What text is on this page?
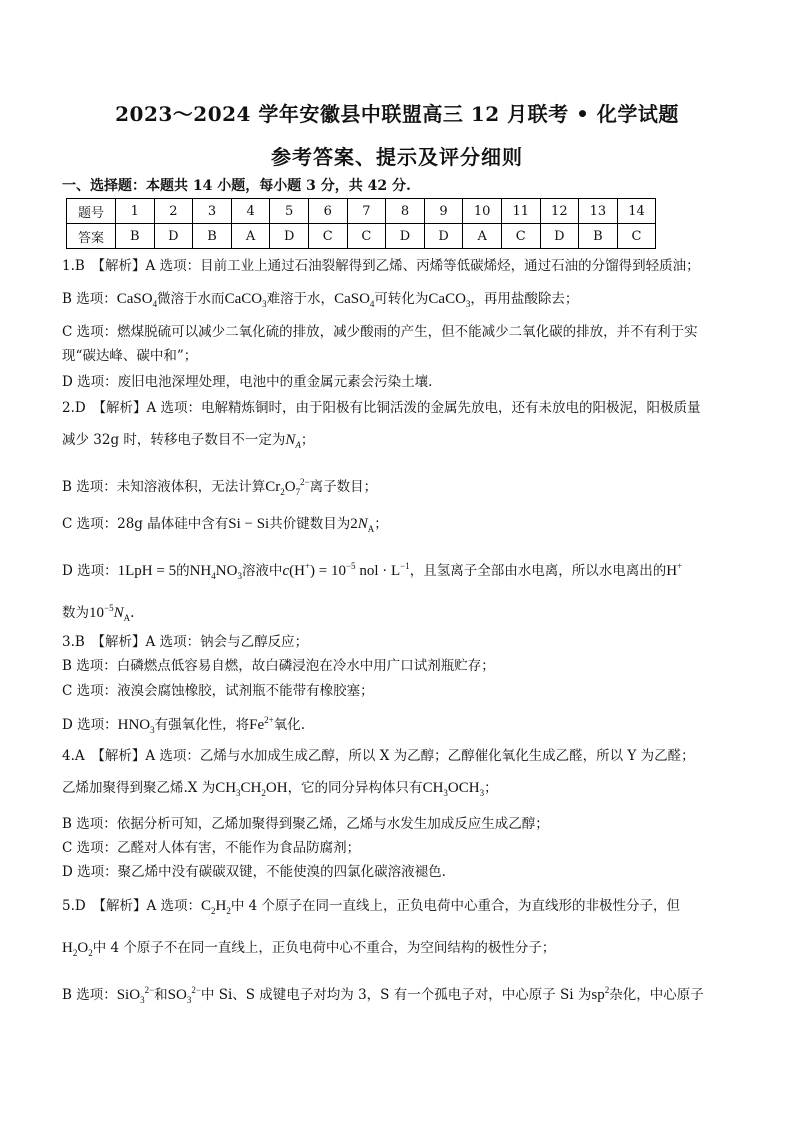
2023～2024 学年安徽县中联盟高三 12 月联考 • 化学试题
参考答案、提示及评分细则
一、选择题：本题共 14 小题，每小题 3 分，共 42 分.
题号	1	2	3	4	5	6	7	8	9	10	11	12	13	14
答案	B	D	B	A	D	C	C	D	D	A	C	D	B	C
1.B　【解析】A 选项：目前工业上通过石油裂解得到乙烯、丙烯等低碳烯烃，通过石油的分馏得到轻质油；
B 选项：CaSO$_4$微溶于水而CaCO$_3$难溶于水，CaSO$_4$可转化为CaCO$_3$，再用盐酸除去；
C 选项：燃煤脱硫可以减少二氧化硫的排放，减少酸雨的产生，但不能减少二氧化碳的排放，并不有利于实
现“碳达峰、碳中和”；
D 选项：废旧电池深埋处理，电池中的重金属元素会污染土壤.
2.D　【解析】A 选项：电解精炼铜时，由于阳极有比铜活泼的金属先放电，还有未放电的阳极泥，阳极质量
减少 32g 时，转移电子数目不一定为$N_A$；
B 选项：未知溶液体积，无法计算$Cr_2O_7^{2-}$离子数目；
C 选项：28g 晶体硅中含有Si − Si共价键数目为$2N_A$；
D 选项：1LpH = 5的$NH_4NO_3$溶液中$c(H^+) = 10^{-5}$ nol · $L^{-1}$，且氢离子全部由水电离，所以水电离出的H+
数为$10^{-5}N_A$.
3.B　【解析】A 选项：钠会与乙醇反应；
B 选项：白磷燃点低容易自燃，故白磷浸泡在冷水中用广口试剂瓶贮存；
C 选项：液溴会腐蚀橡胶，试剂瓶不能带有橡胶塞；
D 选项：$HNO_3$有强氧化性，将$Fe^{2+}$氧化.
4.A　【解析】A 选项：乙烯与水加成生成乙醇，所以 X 为乙醇；乙醇催化氧化生成乙醛，所以 Y 为乙醛；
乙烯加聚得到聚乙烯.X 为$CH_3CH_2OH$，它的同分异构体只有$CH_3OCH_3$；
B 选项：依据分析可知，乙烯加聚得到聚乙烯，乙烯与水发生加成反应生成乙醇；
C 选项：乙醛对人体有害，不能作为食品防腐剂；
D 选项：聚乙烯中没有碳碳双键，不能使溴的四氯化碳溶液褪色.
5.D　【解析】A 选项：$C_2H_2$中 4 个原子在同一直线上，正负电荷中心重合，为直线形的非极性分子，但
$H_2O_2$中 4 个原子不在同一直线上，正负电荷中心不重合，为空间结构的极性分子；
B 选项：SiO$_3^{2-}$和$SO_3^{2-}$中 Si、S 成键电子对均为 3，S 有一个孤电子对，中心原子 Si 为$sp^2$杂化，中心原子
